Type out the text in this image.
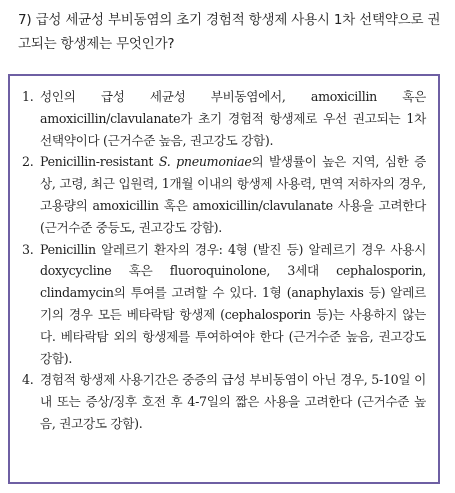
7) 급성 세균성 부비동염의 초기 경험적 항생제 사용시 1차 선택약으로 권고되는 항생제는 무엇인가?
1. 성인의 급성 세균성 부비동염에서, amoxicillin 혹은 amoxicillin/clavulanate가 초기 경험적 항생제로 우선 권고되는 1차 선택약이다 (근거수준 높음, 권고강도 강함).
2. Penicillin-resistant S. pneumoniae의 발생률이 높은 지역, 심한 증상, 고령, 최근 입원력, 1개월 이내의 항생제 사용력, 면역 저하자의 경우, 고용량의 amoxicillin 혹은 amoxicillin/clavulanate 사용을 고려한다 (근거수준 중등도, 권고강도 강함).
3. Penicillin 알레르기 환자의 경우: 4형 (발진 등) 알레르기 경우 사용시 doxycycline 혹은 fluoroquinolone, 3세대 cephalosporin, clindamycin의 투여를 고려할 수 있다. 1형 (anaphylaxis 등) 알레르기의 경우 모든 베타락탐 항생제 (cephalosporin 등)는 사용하지 않는다. 베타락탐 외의 항생제를 투여하여야 한다 (근거수준 높음, 권고강도 강함).
4. 경험적 항생제 사용기간은 중증의 급성 부비동염이 아닌 경우, 5-10일 이내 또는 증상/징후 호전 후 4-7일의 짧은 사용을 고려한다 (근거수준 높음, 권고강도 강함).
